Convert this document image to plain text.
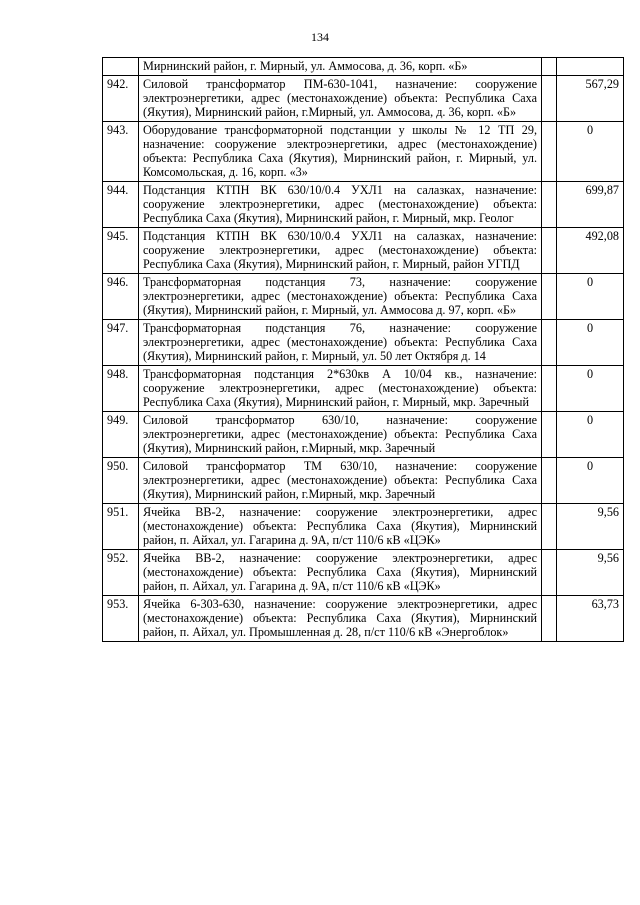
134
	Мирнинский район, г. Мирный, ул. Аммосова, д. 36, корп. «Б»		
942.	Силовой трансформатор ПМ-630-1041, назначение: сооружение электроэнергетики, адрес (местонахождение) объекта: Республика Саха (Якутия), Мирнинский район, г.Мирный, ул. Аммосова, д. 36, корп. «Б»		567,29
943.	Оборудование трансформаторной подстанции у школы № 12 ТП 29, назначение: сооружение электроэнергетики, адрес (местонахождение) объекта: Республика Саха (Якутия), Мирнинский район, г. Мирный, ул. Комсомольская, д. 16, корп. «3»		0
944.	Подстанция КТПН ВК 630/10/0.4 УХЛ1 на салазках, назначение: сооружение электроэнергетики, адрес (местонахождение) объекта: Республика Саха (Якутия), Мирнинский район, г. Мирный, мкр. Геолог		699,87
945.	Подстанция КТПН ВК 630/10/0.4 УХЛ1 на салазках, назначение: сооружение электроэнергетики, адрес (местонахождение) объекта: Республика Саха (Якутия), Мирнинский район, г. Мирный, район УГПД		492,08
946.	Трансформаторная подстанция 73, назначение: сооружение электроэнергетики, адрес (местонахождение) объекта: Республика Саха (Якутия), Мирнинский район, г. Мирный, ул. Аммосова д. 97, корп. «Б»		0
947.	Трансформаторная подстанция 76, назначение: сооружение электроэнергетики, адрес (местонахождение) объекта: Республика Саха (Якутия), Мирнинский район, г. Мирный, ул. 50 лет Октября д. 14		0
948.	Трансформаторная подстанция 2*630кв А 10/04 кв., назначение: сооружение электроэнергетики, адрес (местонахождение) объекта: Республика Саха (Якутия), Мирнинский район, г. Мирный, мкр. Заречный		0
949.	Силовой трансформатор 630/10, назначение: сооружение электроэнергетики, адрес (местонахождение) объекта: Республика Саха (Якутия), Мирнинский район, г.Мирный, мкр. Заречный		0
950.	Силовой трансформатор ТМ 630/10, назначение: сооружение электроэнергетики, адрес (местонахождение) объекта: Республика Саха (Якутия), Мирнинский район, г.Мирный, мкр. Заречный		0
951.	Ячейка ВВ-2, назначение: сооружение электроэнергетики, адрес (местонахождение) объекта: Республика Саха (Якутия), Мирнинский район, п. Айхал, ул. Гагарина д. 9А, п/ст 110/6 кВ «ЦЭК»		9,56
952.	Ячейка ВВ-2, назначение: сооружение электроэнергетики, адрес (местонахождение) объекта: Республика Саха (Якутия), Мирнинский район, п. Айхал, ул. Гагарина д. 9А, п/ст 110/6 кВ «ЦЭК»		9,56
953.	Ячейка 6-303-630, назначение: сооружение электроэнергетики, адрес (местонахождение) объекта: Республика Саха (Якутия), Мирнинский район, п. Айхал, ул. Промышленная д. 28, п/ст 110/6 кВ «Энергоблок»		63,73
